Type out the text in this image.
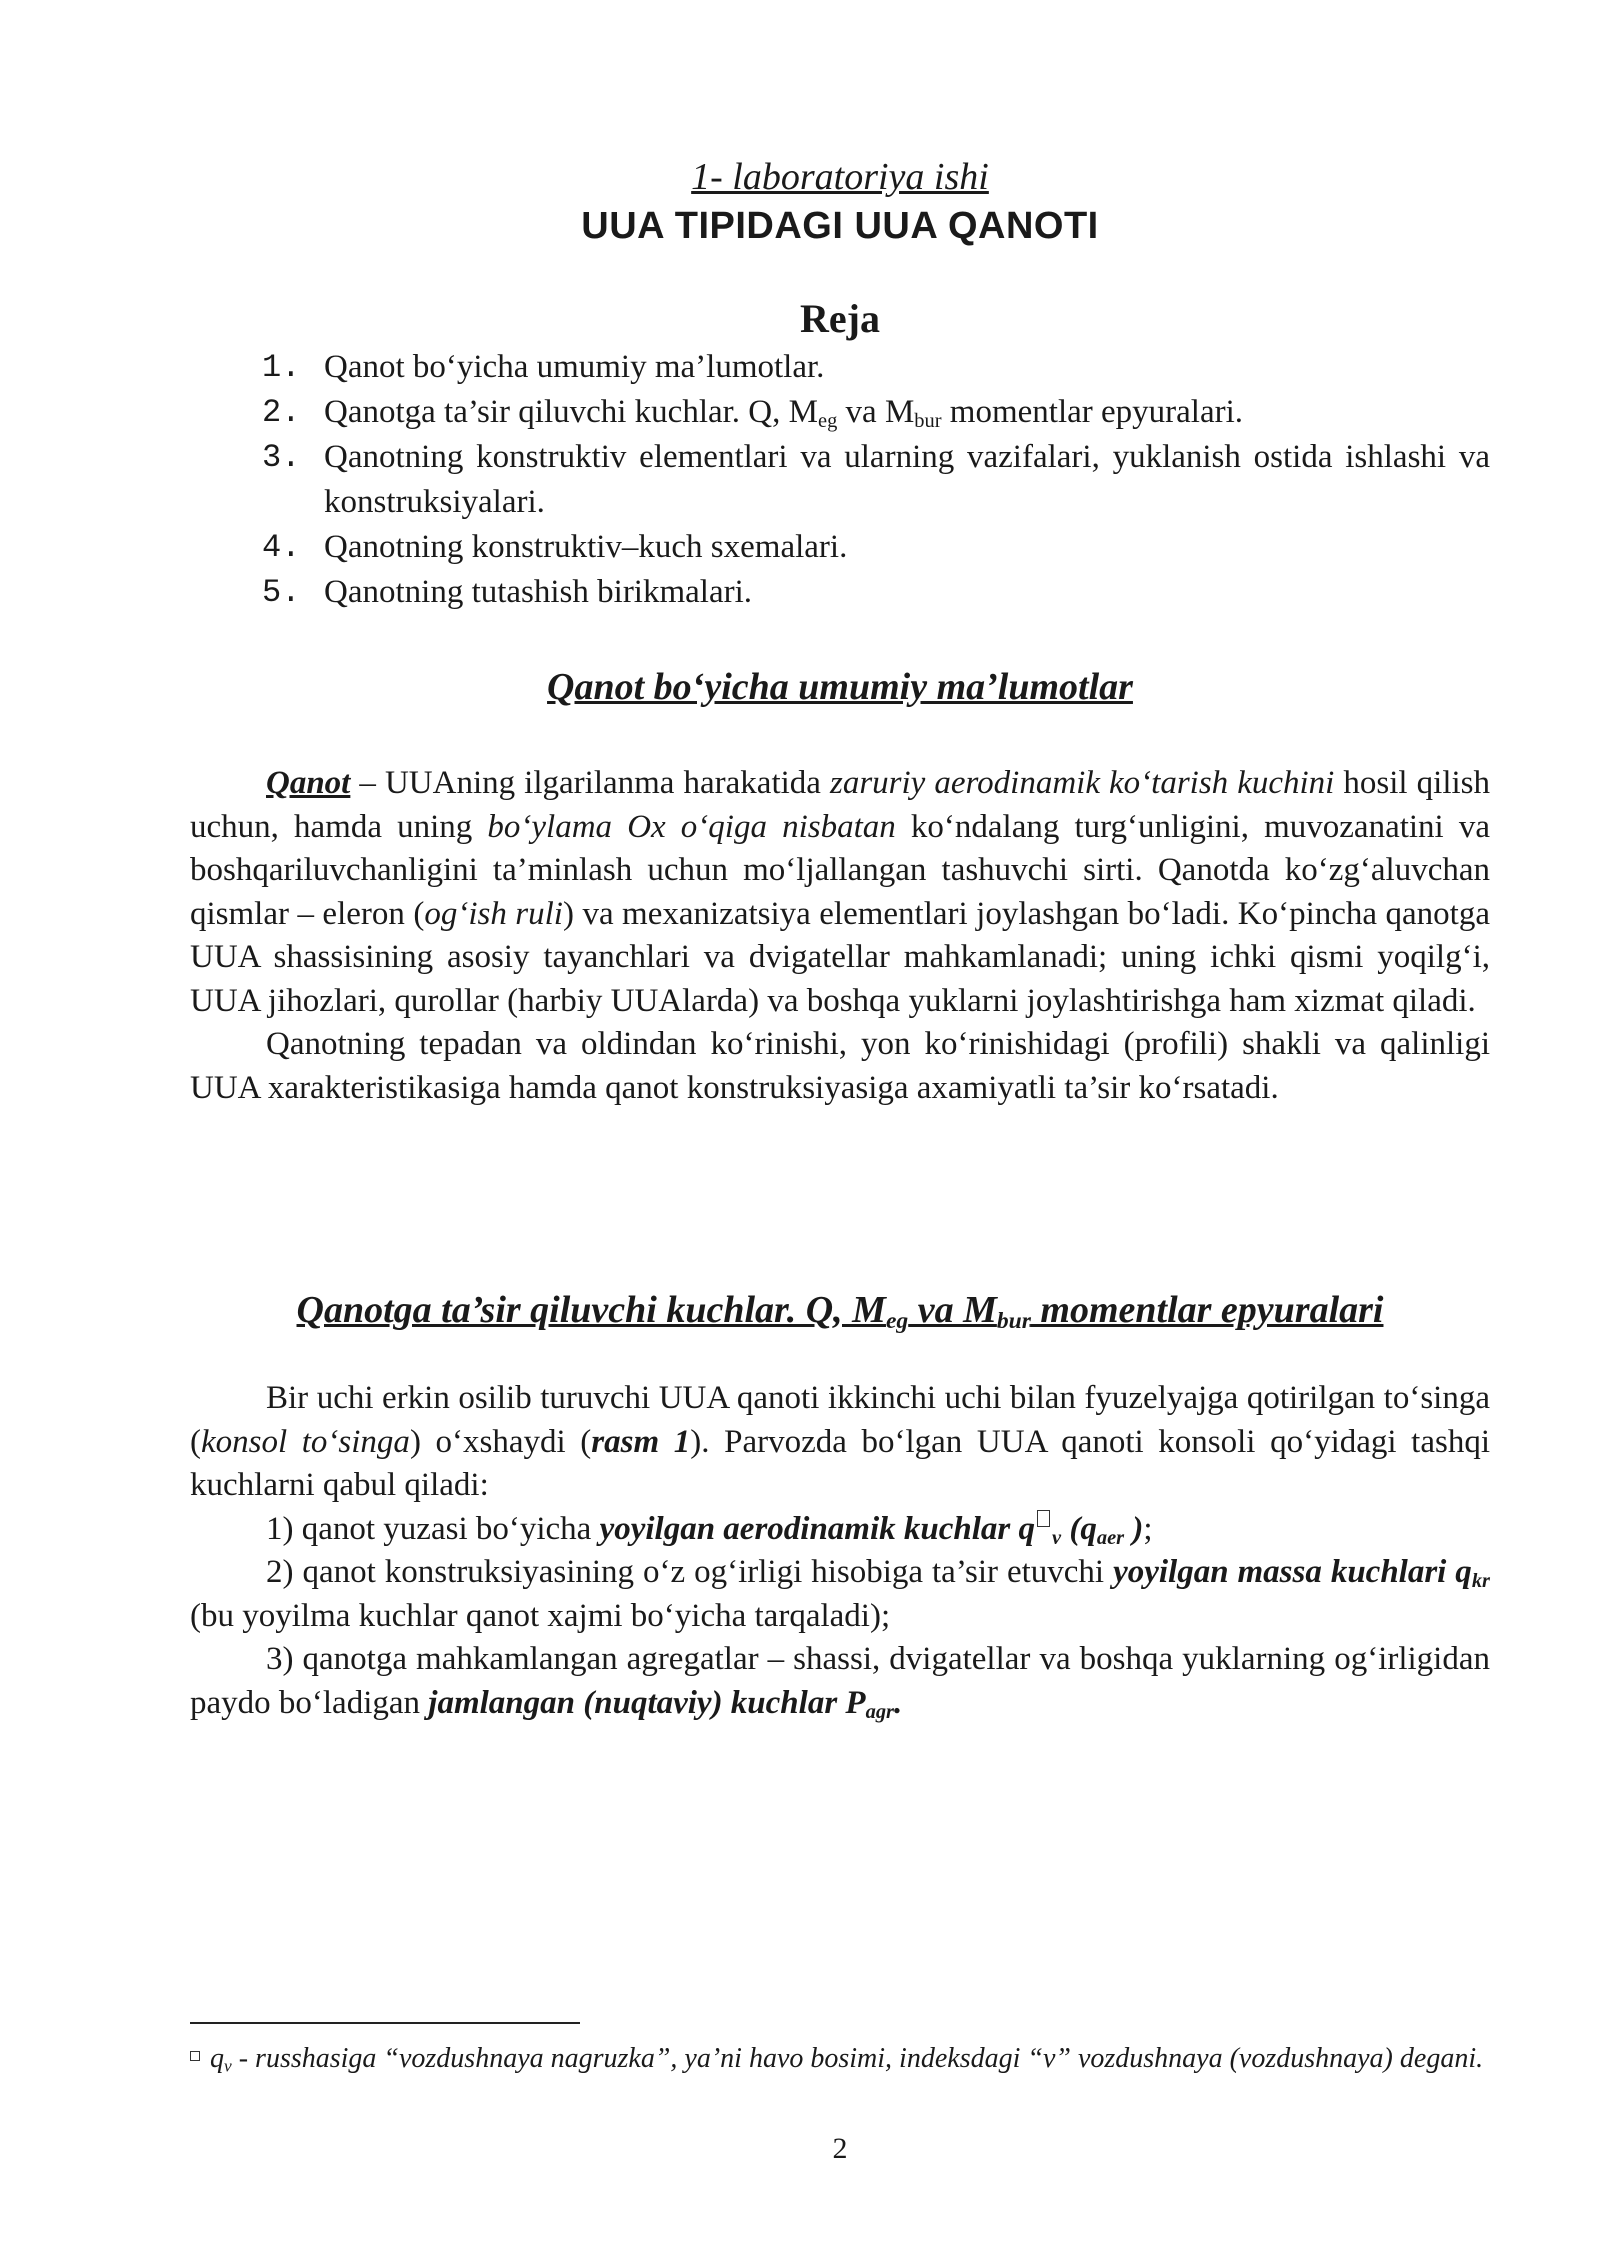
1- laboratoriya ishi
UUA TIPIDAGI UUA QANOTI
Reja
1. Qanot bo‘yicha umumiy ma’lumotlar.
2. Qanotga ta’sir qiluvchi kuchlar. Q, $M_{eg}$ va $M_{bur}$ momentlar epyuralari.
3. Qanotning konstruktiv elementlari va ularning vazifalari, yuklanish ostida ishlashi va konstruksiyalari.
4. Qanotning konstruktiv–kuch sxemalari.
5. Qanotning tutashish birikmalari.
Qanot bo‘yicha umumiy ma’lumotlar

Qanot – UUAning ilgarilanma harakatida zaruriy aerodinamik ko‘tarish kuchini hosil qilish uchun, hamda uning bo‘ylama Ox o‘qiga nisbatan ko‘ndalang turg‘unligini, muvozanatini va boshqariluvchanligini ta’minlash uchun mo‘ljallangan tashuvchi sirti. Qanotda ko‘zg‘aluvchan qismlar – eleron (og‘ish ruli) va mexanizatsiya elementlari joylashgan bo‘ladi. Ko‘pincha qanotga UUA shassisining asosiy tayanchlari va dvigatellar mahkamlanadi; uning ichki qismi yoqilg‘i, UUA jihozlari, qurollar (harbiy UUAlarda) va boshqa yuklarni joylashtirishga ham xizmat qiladi.

Qanotning tepadan va oldindan ko‘rinishi, yon ko‘rinishidagi (profili) shakli va qalinligi UUA xarakteristikasiga hamda qanot konstruksiyasiga axamiyatli ta’sir ko‘rsatadi.

Qanotga ta’sir qiluvchi kuchlar. Q, $M_{eg}$ va $M_{bur}$ momentlar epyuralari

Bir uchi erkin osilib turuvchi UUA qanoti ikkinchi uchi bilan fyuzelyajga qotirilgan to‘singa (konsol to‘singa) o‘xshaydi (rasm 1). Parvozda bo‘lgan UUA qanoti konsoli qo‘yidagi tashqi kuchlarni qabul qiladi:

1) qanot yuzasi bo‘yicha yoyilgan aerodinamik kuchlar q $_v$ ($q_{aer}$ );

2) qanot konstruksiyasining o‘z og‘irligi hisobiga ta’sir etuvchi yoyilgan massa kuchlari $q_{kr}$ (bu yoyilma kuchlar qanot xajmi bo‘yicha tarqaladi);

3) qanotga mahkamlangan agregatlar – shassi, dvigatellar va boshqa yuklarning og‘irligidan paydo bo‘ladigan jamlangan (nuqtaviy) kuchlar $P_{agr}$.

$q_v$ - russhasiga “vozdushnaya nagruzka”, ya’ni havo bosimi, indeksdagi “v” vozdushnaya (vozdushnaya) degani.
2
